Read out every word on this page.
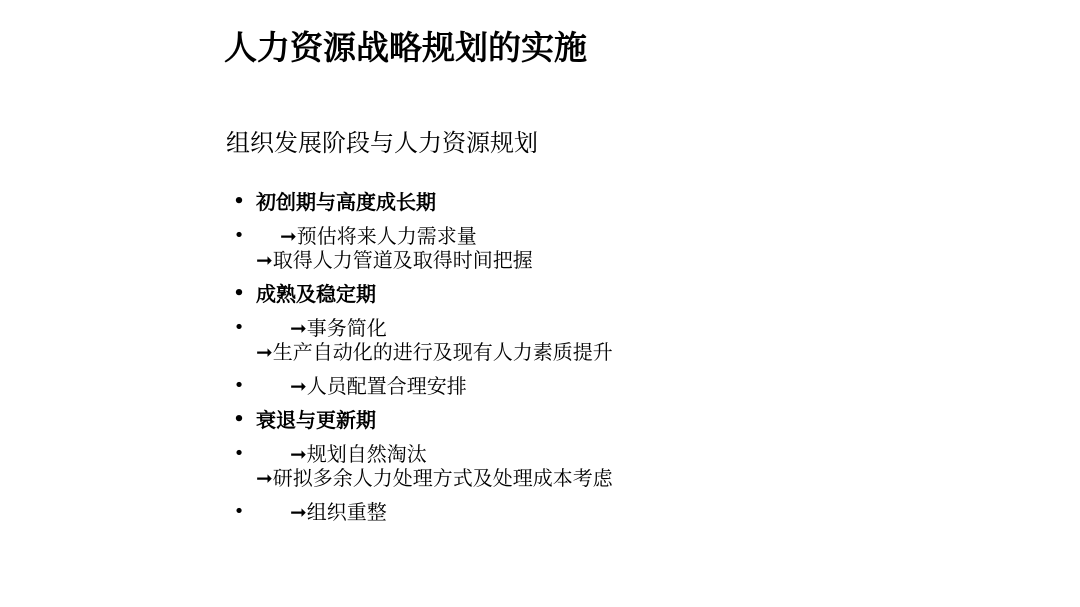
人力资源战略规划的实施
组织发展阶段与人力资源规划
• 初创期与高度成长期
•	➞预估将来人力需求量
➞取得人力管道及取得时间把握
• 成熟及稳定期
•	➞事务简化
➞生产自动化的进行及现有人力素质提升
•	➞人员配置合理安排
• 衰退与更新期
•	➞规划自然淘汰
➞研拟多余人力处理方式及处理成本考虑
•	➞组织重整
